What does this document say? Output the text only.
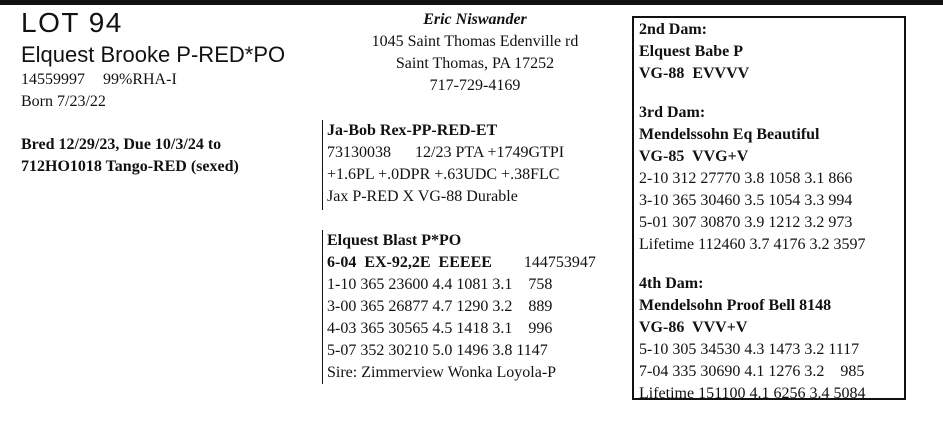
LOT 94
Elquest Brooke P-RED*PO
14559997 99%RHA-I
Born 7/23/22
Bred 12/29/23, Due 10/3/24 to
712HO1018 Tango-RED (sexed)
Eric Niswander
1045 Saint Thomas Edenville rd
Saint Thomas, PA 17252
717-729-4169
Ja-Bob Rex-PP-RED-ET
73130038      12/23 PTA +1749GTPI
+1.6PL +.0DPR +.63UDC +.38FLC
Jax P-RED X VG-88 Durable
Elquest Blast P*PO
6-04  EX-92,2E  EEEEE 144753947
1-10 365 23600 4.4 1081 3.1    758
3-00 365 26877 4.7 1290 3.2    889
4-03 365 30565 4.5 1418 3.1    996
5-07 352 30210 5.0 1496 3.8 1147
Sire: Zimmerview Wonka Loyola-P
2nd Dam:
Elquest Babe P
VG-88  EVVVV
3rd Dam:
Mendelssohn Eq Beautiful
VG-85  VVG+V
2-10 312 27770 3.8 1058 3.1 866
3-10 365 30460 3.5 1054 3.3 994
5-01 307 30870 3.9 1212 3.2 973
Lifetime 112460 3.7 4176 3.2 3597
4th Dam:
Mendelsohn Proof Bell 8148
VG-86  VVV+V
5-10 305 34530 4.3 1473 3.2 1117
7-04 335 30690 4.1 1276 3.2    985
Lifetime 151100 4.1 6256 3.4 5084
